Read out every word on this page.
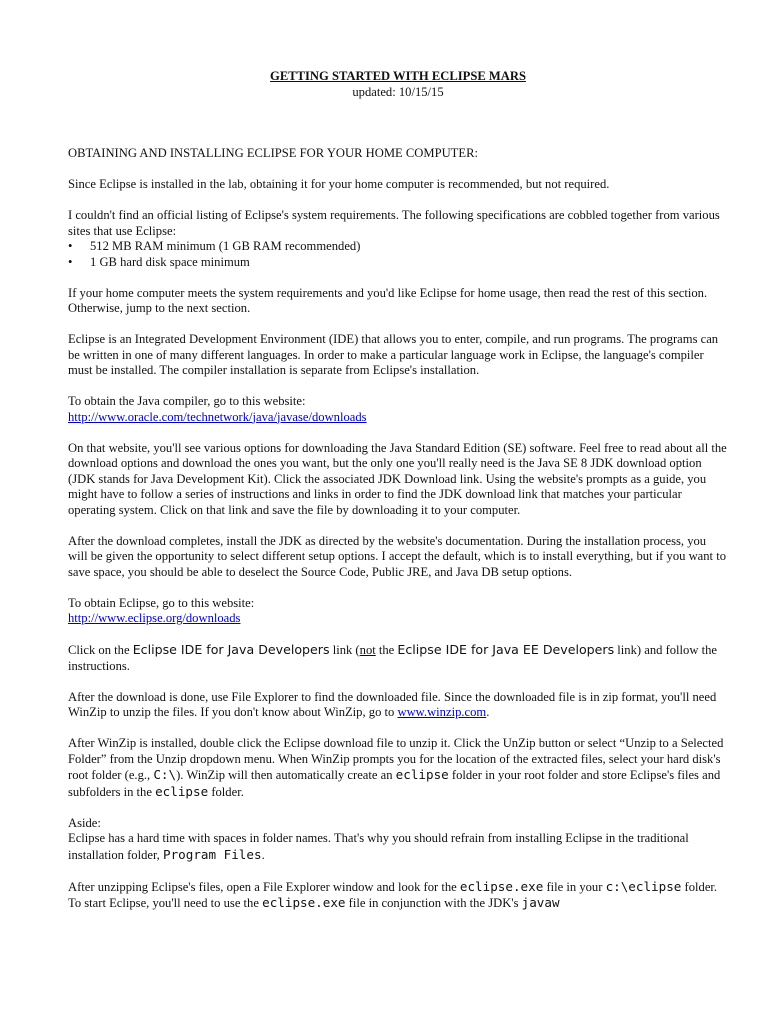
GETTING STARTED WITH ECLIPSE MARS

updated: 10/15/15

OBTAINING AND INSTALLING ECLIPSE FOR YOUR HOME COMPUTER:

Since Eclipse is installed in the lab, obtaining it for your home computer is recommended, but not required.

I couldn't find an official listing of Eclipse's system requirements. The following specifications are cobbled together from various sites that use Eclipse:

• 512 MB RAM minimum (1 GB RAM recommended)
• 1 GB hard disk space minimum

If your home computer meets the system requirements and you'd like Eclipse for home usage, then read the rest of this section. Otherwise, jump to the next section.

Eclipse is an Integrated Development Environment (IDE) that allows you to enter, compile, and run programs. The programs can be written in one of many different languages. In order to make a particular language work in Eclipse, the language's compiler must be installed. The compiler installation is separate from Eclipse's installation.

To obtain the Java compiler, go to this website:
http://www.oracle.com/technetwork/java/javase/downloads

On that website, you'll see various options for downloading the Java Standard Edition (SE) software. Feel free to read about all the download options and download the ones you want, but the only one you'll really need is the Java SE 8 JDK download option (JDK stands for Java Development Kit). Click the associated JDK Download link. Using the website's prompts as a guide, you might have to follow a series of instructions and links in order to find the JDK download link that matches your particular operating system. Click on that link and save the file by downloading it to your computer.

After the download completes, install the JDK as directed by the website's documentation. During the installation process, you will be given the opportunity to select different setup options. I accept the default, which is to install everything, but if you want to save space, you should be able to deselect the Source Code, Public JRE, and Java DB setup options.

To obtain Eclipse, go to this website:
http://www.eclipse.org/downloads

Click on the Eclipse IDE for Java Developers link (not the Eclipse IDE for Java EE Developers link) and follow the instructions.

After the download is done, use File Explorer to find the downloaded file. Since the downloaded file is in zip format, you'll need WinZip to unzip the files. If you don't know about WinZip, go to www.winzip.com.

After WinZip is installed, double click the Eclipse download file to unzip it. Click the UnZip button or select “Unzip to a Selected Folder” from the Unzip dropdown menu. When WinZip prompts you for the location of the extracted files, select your hard disk's root folder (e.g., C:\). WinZip will then automatically create an eclipse folder in your root folder and store Eclipse's files and subfolders in the eclipse folder.

Aside:
Eclipse has a hard time with spaces in folder names. That's why you should refrain from installing Eclipse in the traditional installation folder, Program Files.

After unzipping Eclipse's files, open a File Explorer window and look for the eclipse.exe file in your c:\eclipse folder. To start Eclipse, you'll need to use the eclipse.exe file in conjunction with the JDK's javaw
